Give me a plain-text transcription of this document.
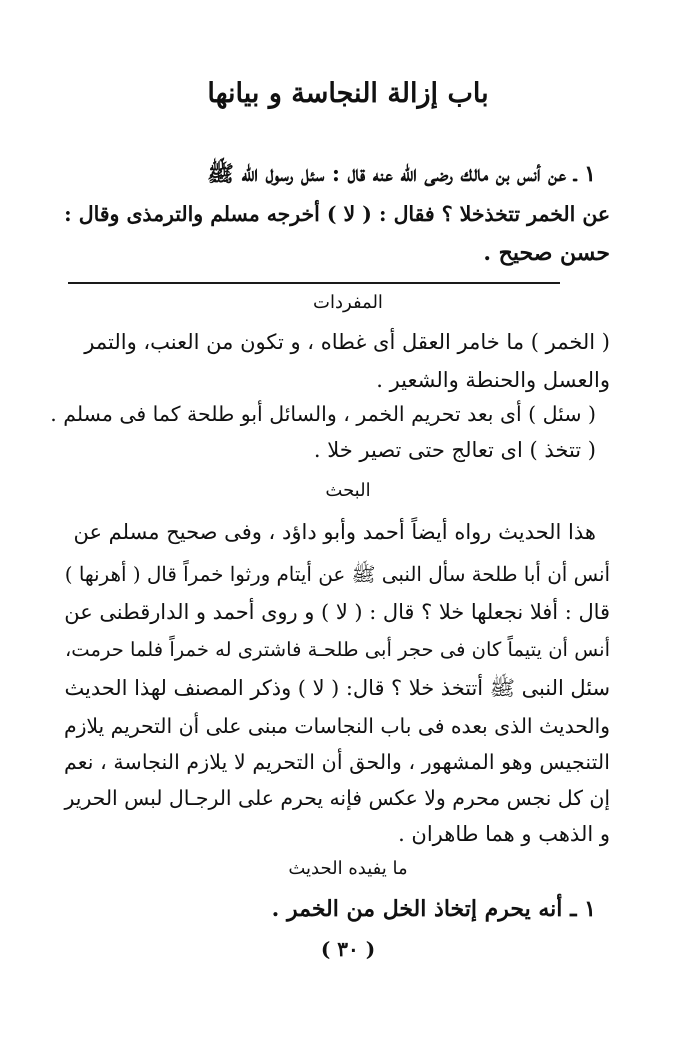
باب إزالة النجاسة و بيانها
١ ـ عن أنس بن مالك رضى الله عنه قال : سئل رسول الله ﷺ
عن الخمر تتخذخلا ؟ فقال : ( لا ) أخرجه مسلم والترمذى وقال :
حسن صحيح .
المفردات
( الخمر ) ما خامر العقل أى غطاه ، و تكون من العنب، والتمر
والعسل والحنطة والشعير .
( سئل ) أى بعد تحريم الخمر ، والسائل أبو طلحة كما فى مسلم .
( تتخذ ) اى تعالج حتى تصير خلا .
البحث
هذا الحديث رواه أيضاً أحمد وأبو داؤد ، وفى صحيح مسلم عن
أنس أن أبا طلحة سأل النبى ﷺ عن أيتام ورثوا خمراً قال ( أهرنها )
قال : أفلا نجعلها خلا ؟ قال : ( لا ) و روى أحمد و الدارقطنى عن
أنس أن يتيماً كان فى حجر أبى طلحـة فاشترى له خمراً فلما حرمت،
سئل النبى ﷺ أتتخذ خلا ؟ قال: ( لا ) وذكر المصنف لهذا الحديث
والحديث الذى بعده فى باب النجاسات مبنى على أن التحريم يلازم
التنجيس وهو المشهور ، والحق أن التحريم لا يلازم النجاسة ، نعم
إن كل نجس محرم ولا عكس فإنه يحرم على الرجـال لبس الحرير
و الذهب و هما طاهران .
ما يفيده الحديث
١ ـ أنه يحرم إتخاذ الخل من الخمر .
( ٣٠ )
